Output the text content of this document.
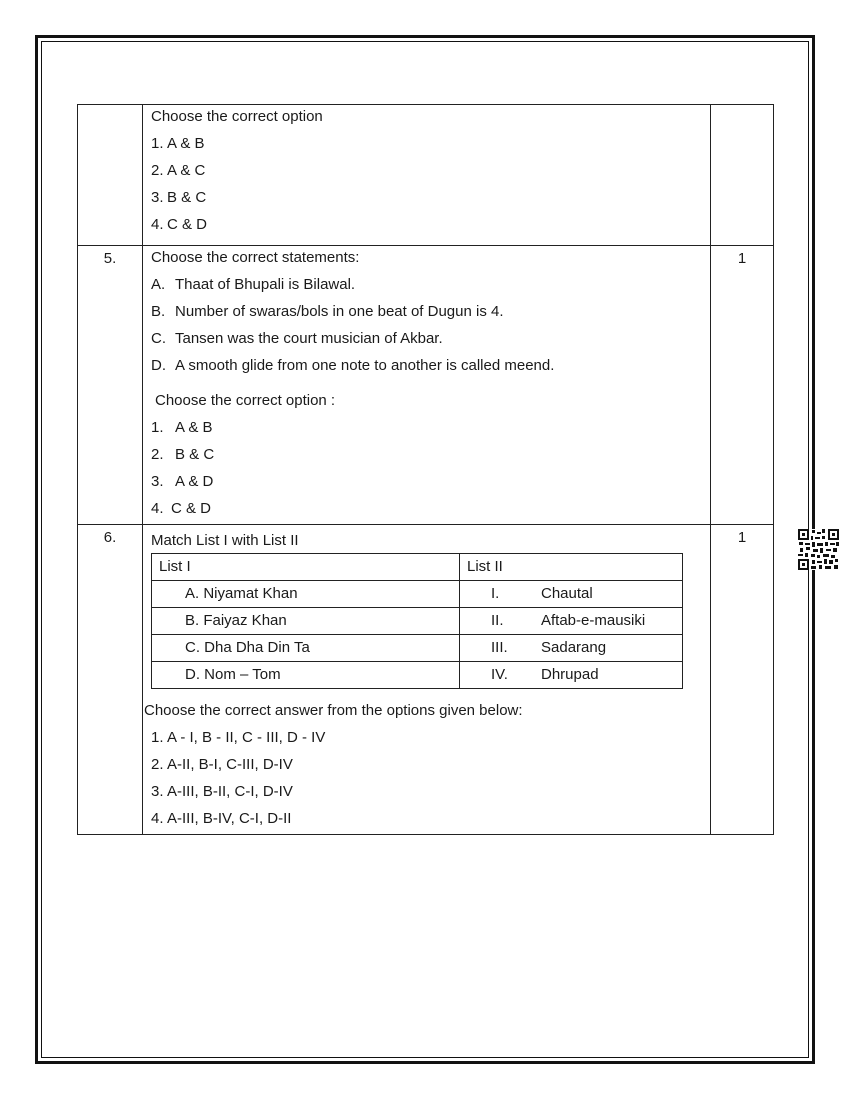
Choose the correct option
1. A & B
2. A & C
3. B & C
4. C & D

5.	Choose the correct statements:
A. Thaat of Bhupali is Bilawal.
B. Number of swaras/bols in one beat of Dugun is 4.
C. Tansen was the court musician of Akbar.
D. A smooth glide from one note to another is called meend.
Choose the correct option :
1. A & B
2. B & C
3. A & D
4. C & D
	1
6.	Match List I with List II
List I	List II
A. Niyamat Khan	I.	Chautal
B. Faiyaz Khan	II. Aftab-e-mausiki
C. Dha Dha Din Ta	III. Sadarang
D. Nom – Tom	IV. Dhrupad
Choose the correct answer from the options given below:
1. A - I, B - II, C - III, D - IV
2. A-II, B-I, C-III, D-IV
3. A-III, B-II, C-I, D-IV
4. A-III, B-IV, C-I, D-II
	1
